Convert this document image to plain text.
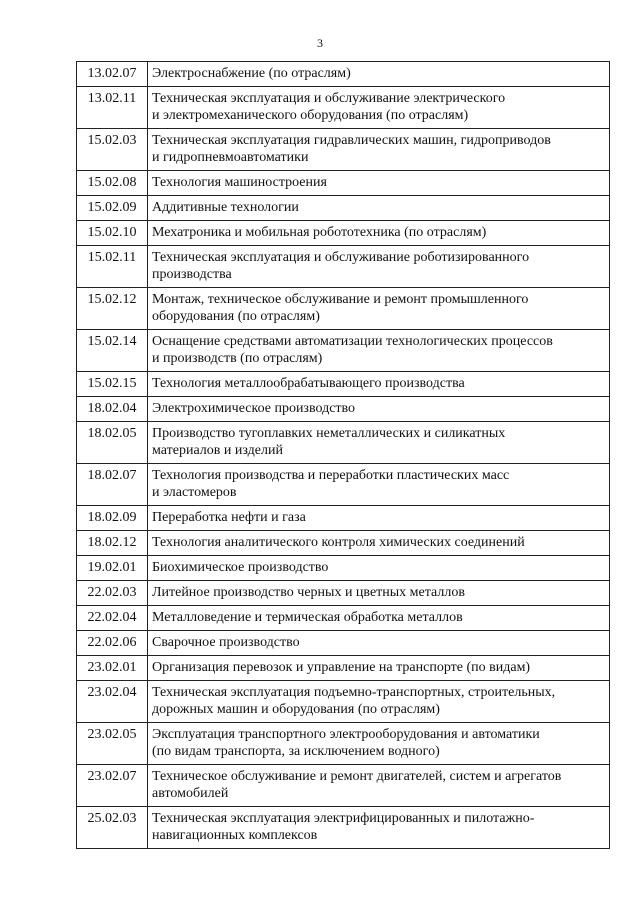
3
13.02.07	Электроснабжение (по отраслям)
13.02.11	Техническая эксплуатация и обслуживание электрического
и электромеханического оборудования (по отраслям)
15.02.03	Техническая эксплуатация гидравлических машин, гидроприводов
и гидропневмоавтоматики
15.02.08	Технология машиностроения
15.02.09	Аддитивные технологии
15.02.10	Мехатроника и мобильная робототехника (по отраслям)
15.02.11	Техническая эксплуатация и обслуживание роботизированного
производства
15.02.12	Монтаж, техническое обслуживание и ремонт промышленного
оборудования (по отраслям)
15.02.14	Оснащение средствами автоматизации технологических процессов
и производств (по отраслям)
15.02.15	Технология металлообрабатывающего производства
18.02.04	Электрохимическое производство
18.02.05	Производство тугоплавких неметаллических и силикатных
материалов и изделий
18.02.07	Технология производства и переработки пластических масс
и эластомеров
18.02.09	Переработка нефти и газа
18.02.12	Технология аналитического контроля химических соединений
19.02.01	Биохимическое производство
22.02.03	Литейное производство черных и цветных металлов
22.02.04	Металловедение и термическая обработка металлов
22.02.06	Сварочное производство
23.02.01	Организация перевозок и управление на транспорте (по видам)
23.02.04	Техническая эксплуатация подъемно-транспортных, строительных,
дорожных машин и оборудования (по отраслям)
23.02.05	Эксплуатация транспортного электрооборудования и автоматики
(по видам транспорта, за исключением водного)
23.02.07	Техническое обслуживание и ремонт двигателей, систем и агрегатов
автомобилей
25.02.03	Техническая эксплуатация электрифицированных и пилотажно-
навигационных комплексов
